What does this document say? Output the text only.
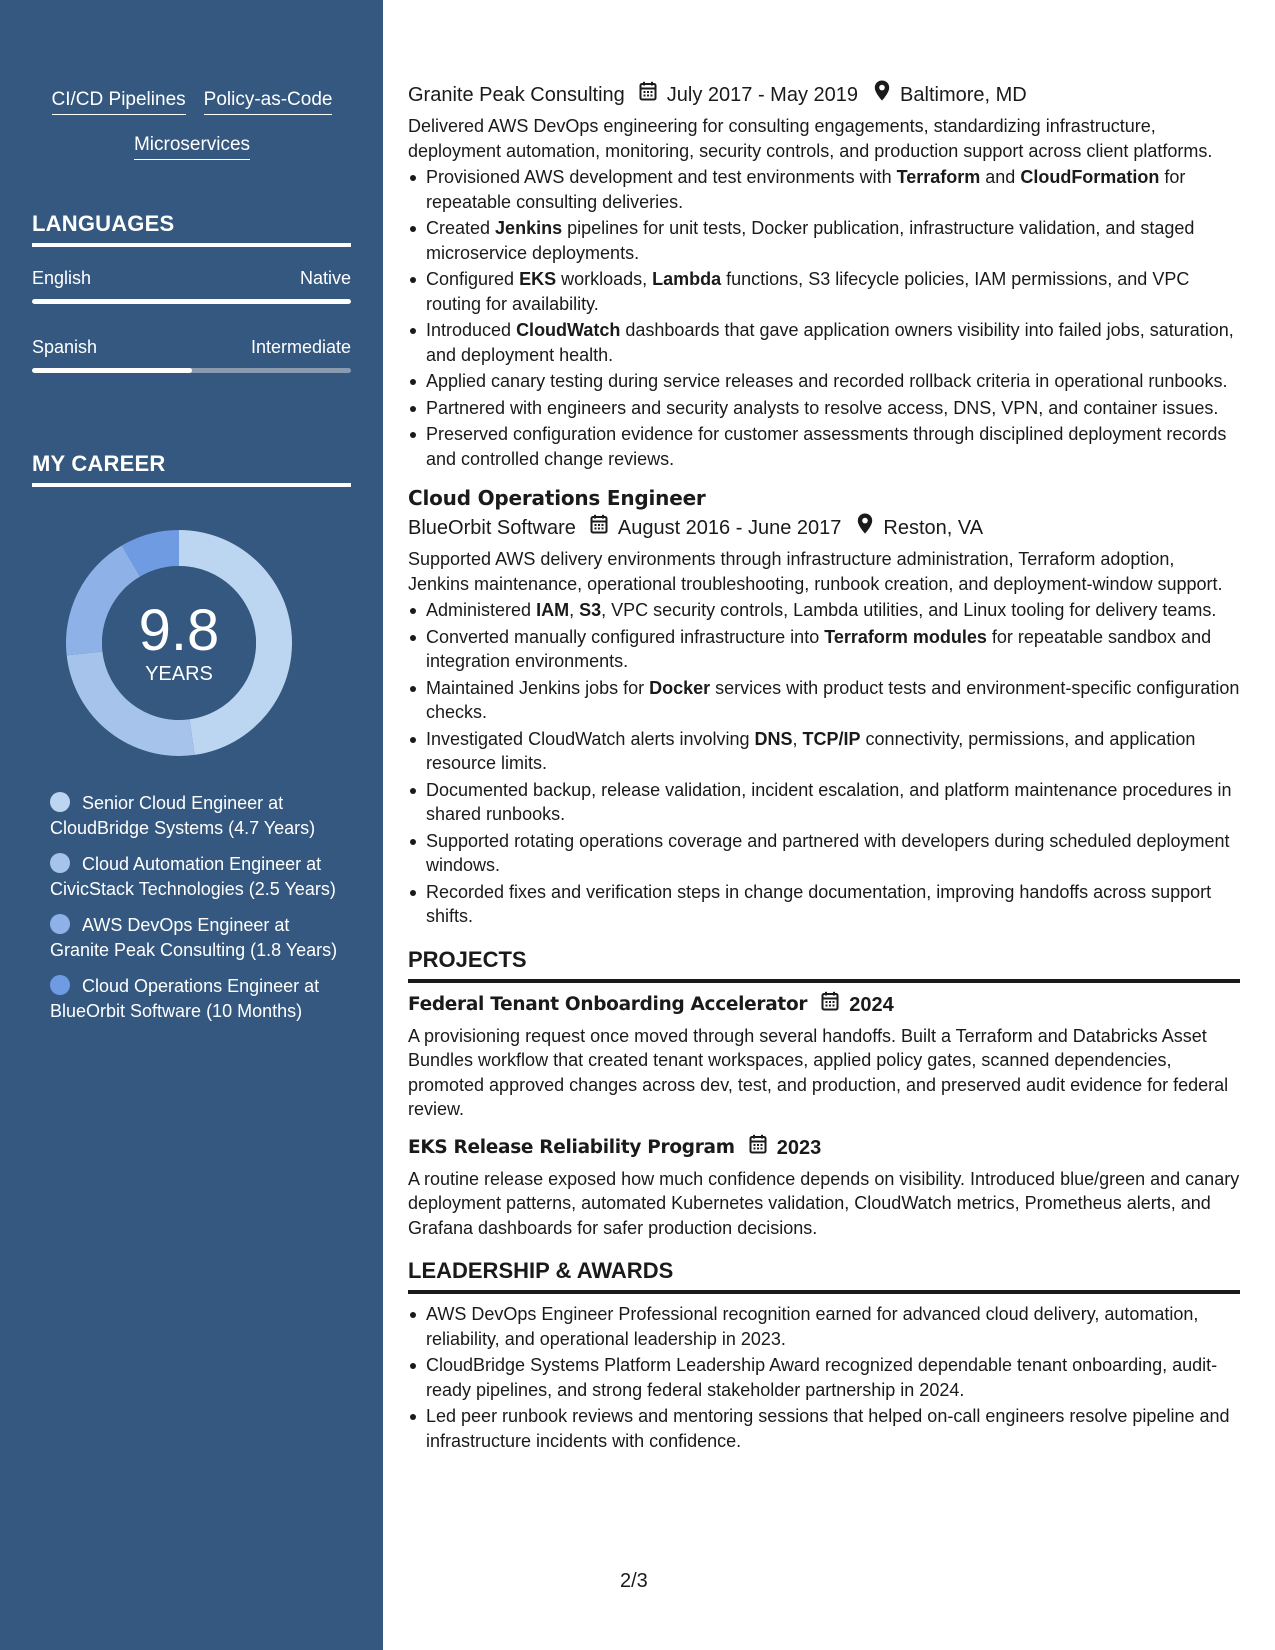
CI/CD Pipelines Policy-as-Code
Microservices
LANGUAGES
English	Native
Spanish	Intermediate
MY CAREER
9.8
YEARS
Senior Cloud Engineer at CloudBridge Systems (4.7 Years)
Cloud Automation Engineer at CivicStack Technologies (2.5 Years)
AWS DevOps Engineer at Granite Peak Consulting (1.8 Years)
Cloud Operations Engineer at BlueOrbit Software (10 Months)
Granite Peak Consulting July 2017 - May 2019 Baltimore, MD

Delivered AWS DevOps engineering for consulting engagements, standardizing infrastructure, deployment automation, monitoring, security controls, and production support across client platforms.

Provisioned AWS development and test environments with Terraform and CloudFormation for repeatable consulting deliveries.
Created Jenkins pipelines for unit tests, Docker publication, infrastructure validation, and staged microservice deployments.
Configured EKS workloads, Lambda functions, S3 lifecycle policies, IAM permissions, and VPC routing for availability.
Introduced CloudWatch dashboards that gave application owners visibility into failed jobs, saturation, and deployment health.
Applied canary testing during service releases and recorded rollback criteria in operational runbooks.
Partnered with engineers and security analysts to resolve access, DNS, VPN, and container issues.
Preserved configuration evidence for customer assessments through disciplined deployment records and controlled change reviews.
Cloud Operations Engineer
BlueOrbit Software August 2016 - June 2017 Reston, VA

Supported AWS delivery environments through infrastructure administration, Terraform adoption, Jenkins maintenance, operational troubleshooting, runbook creation, and deployment-window support.

Administered IAM, S3, VPC security controls, Lambda utilities, and Linux tooling for delivery teams.
Converted manually configured infrastructure into Terraform modules for repeatable sandbox and integration environments.
Maintained Jenkins jobs for Docker services with product tests and environment-specific configuration checks.
Investigated CloudWatch alerts involving DNS, TCP/IP connectivity, permissions, and application resource limits.
Documented backup, release validation, incident escalation, and platform maintenance procedures in shared runbooks.
Supported rotating operations coverage and partnered with developers during scheduled deployment windows.
Recorded fixes and verification steps in change documentation, improving handoffs across support shifts.
PROJECTS
Federal Tenant Onboarding Accelerator 2024

A provisioning request once moved through several handoffs. Built a Terraform and Databricks Asset Bundles workflow that created tenant workspaces, applied policy gates, scanned dependencies, promoted approved changes across dev, test, and production, and preserved audit evidence for federal review.

EKS Release Reliability Program 2023

A routine release exposed how much confidence depends on visibility. Introduced blue/green and canary deployment patterns, automated Kubernetes validation, CloudWatch metrics, Prometheus alerts, and Grafana dashboards for safer production decisions.

LEADERSHIP & AWARDS
AWS DevOps Engineer Professional recognition earned for advanced cloud delivery, automation, reliability, and operational leadership in 2023.
CloudBridge Systems Platform Leadership Award recognized dependable tenant onboarding, audit-ready pipelines, and strong federal stakeholder partnership in 2024.
Led peer runbook reviews and mentoring sessions that helped on-call engineers resolve pipeline and infrastructure incidents with confidence.
2/3
